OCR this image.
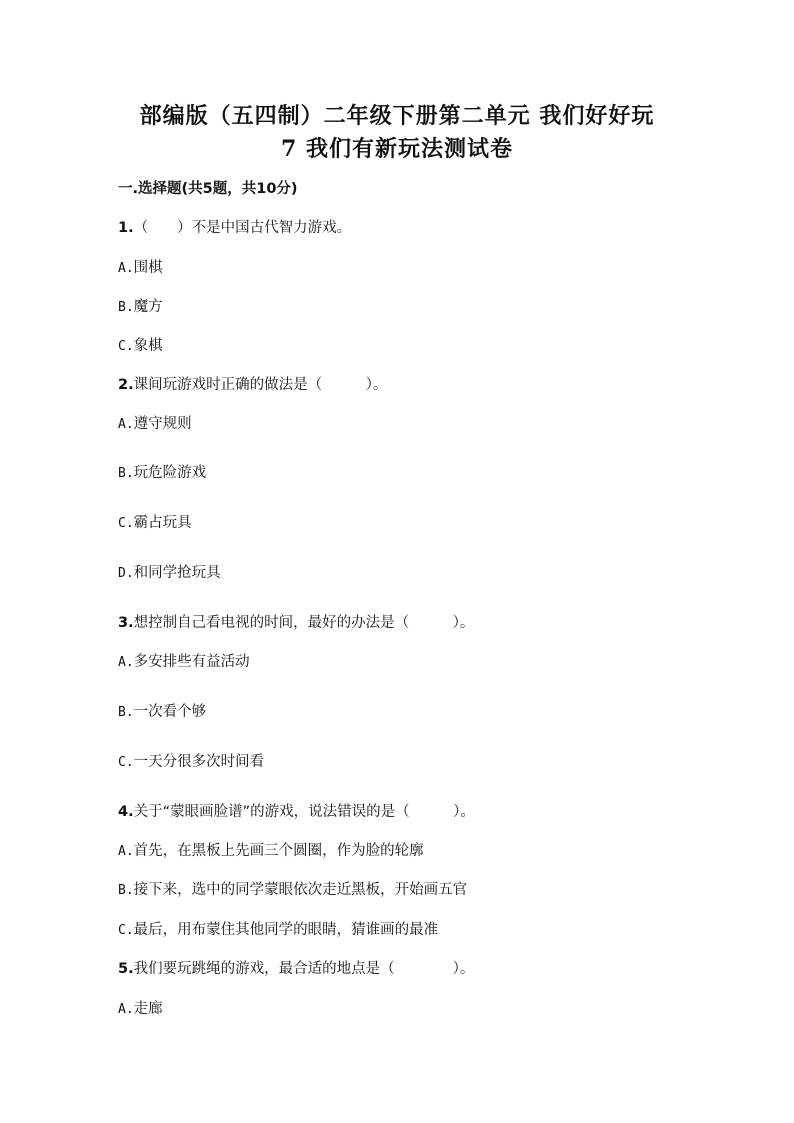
部编版（五四制）二年级下册第二单元 我们好好玩
7 我们有新玩法测试卷
一.选择题(共5题，共10分)
1.（　　）不是中国古代智力游戏。
A.围棋
B.魔方
C.象棋
2.课间玩游戏时正确的做法是（　　　）。
A.遵守规则
B.玩危险游戏
C.霸占玩具
D.和同学抢玩具
3.想控制自己看电视的时间，最好的办法是（　　　）。
A.多安排些有益活动
B.一次看个够
C.一天分很多次时间看
4.关于“蒙眼画脸谱”的游戏，说法错误的是（　　　）。
A.首先，在黑板上先画三个圆圈，作为脸的轮廓
B.接下来，选中的同学蒙眼依次走近黑板，开始画五官
C.最后，用布蒙住其他同学的眼睛，猜谁画的最准
5.我们要玩跳绳的游戏，最合适的地点是（　　　　）。
A.走廊
